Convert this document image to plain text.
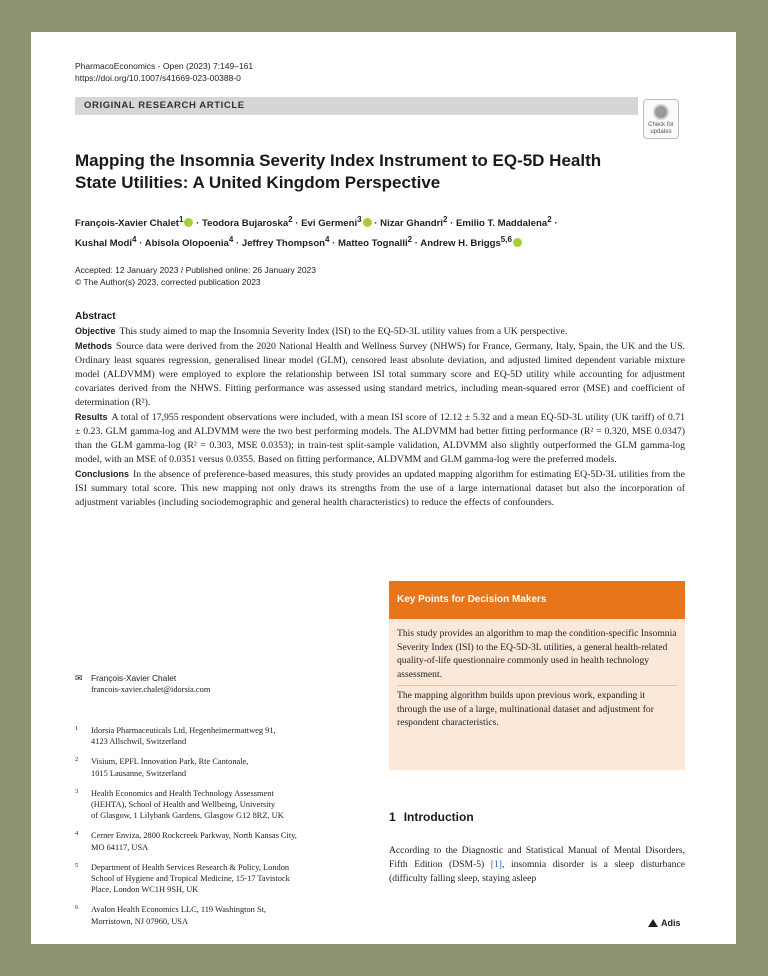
PharmacoEconomics - Open (2023) 7:149–161
https://doi.org/10.1007/s41669-023-00388-0
ORIGINAL RESEARCH ARTICLE
Check for
updates
Mapping the Insomnia Severity Index Instrument to EQ-5D Health State Utilities: A United Kingdom Perspective
François-Xavier Chalet$^1$ · Teodora Bujaroska$^2$ · Evi Germeni$^3$ · Nizar Ghandri$^2$ · Emilio T. Maddalena$^2$ ·
Kushal Modi$^4$ · Abisola Olopoenia$^4$ · Jeffrey Thompson$^4$ · Matteo Tognalli$^2$ · Andrew H. Briggs$^{5,6}$
Accepted: 12 January 2023 / Published online: 26 January 2023
© The Author(s) 2023, corrected publication 2023
Abstract

Objective This study aimed to map the Insomnia Severity Index (ISI) to the EQ-5D-3L utility values from a UK perspective.

Methods Source data were derived from the 2020 National Health and Wellness Survey (NHWS) for France, Germany, Italy, Spain, the UK and the US. Ordinary least squares regression, generalised linear model (GLM), censored least absolute deviation, and adjusted limited dependent variable mixture model (ALDVMM) were employed to explore the relationship between ISI total summary score and EQ-5D utility while accounting for adjustment covariates derived from the NHWS. Fitting performance was assessed using standard metrics, including mean-squared error (MSE) and coefficient of determination (R²).

Results A total of 17,955 respondent observations were included, with a mean ISI score of 12.12 ± 5.32 and a mean EQ-5D-3L utility (UK tariff) of 0.71 ± 0.23. GLM gamma-log and ALDVMM were the two best performing models. The ALDVMM had better fitting performance (R² = 0.320, MSE 0.0347) than the GLM gamma-log (R² = 0.303, MSE 0.0353); in train-test split-sample validation, ALDVMM also slightly outperformed the GLM gamma-log model, with an MSE of 0.0351 versus 0.0355. Based on fitting performance, ALDVMM and GLM gamma-log were the preferred models.

Conclusions In the absence of preference-based measures, this study provides an updated mapping algorithm for estimating EQ-5D-3L utilities from the ISI summary total score. This new mapping not only draws its strengths from the use of a large international dataset but also the incorporation of adjustment variables (including sociodemographic and general health characteristics) to reduce the effects of confounders.

Key Points for Decision Makers

This study provides an algorithm to map the condition-specific Insomnia Severity Index (ISI) to the EQ-5D-3L utilities, a general health-related quality-of-life questionnaire commonly used in health technology assessment.

The mapping algorithm builds upon previous work, expanding it through the use of a large, multinational dataset and adjustment for respondent characteristics.

✉ François-Xavier Chalet
francois-xavier.chalet@idorsia.com
1 Idorsia Pharmaceuticals Ltd, Hegenheimermattweg 91,
4123 Allschwil, Switzerland
2 Visium, EPFL Innovation Park, Rte Cantonale,
1015 Lausanne, Switzerland
3 Health Economics and Health Technology Assessment
(HEHTA), School of Health and Wellbeing, University
of Glasgow, 1 Lilybank Gardens, Glasgow G12 8RZ, UK
4 Cerner Enviza, 2800 Rockcreek Parkway, North Kansas City,
MO 64117, USA
5 Department of Health Services Research & Policy, London
School of Hygiene and Tropical Medicine, 15-17 Tavistock
Place, London WC1H 9SH, UK
6 Avalon Health Economics LLC, 119 Washington St,
Morristown, NJ 07960, USA
1 Introduction
According to the Diagnostic and Statistical Manual of Mental Disorders, Fifth Edition (DSM-5) [1], insomnia disorder is a sleep disturbance (difficulty falling sleep, staying asleep
Adis
